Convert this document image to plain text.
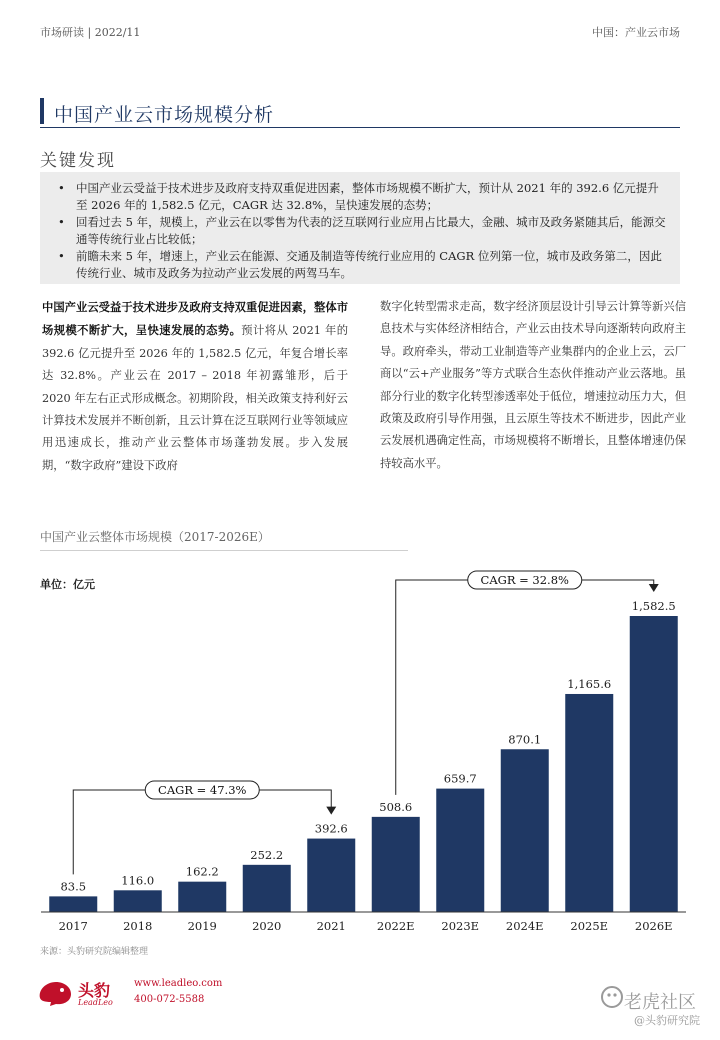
市场研读 | 2022/11	中国：产业云市场
中国产业云市场规模分析
关键发现
• 中国产业云受益于技术进步及政府支持双重促进因素，整体市场规模不断扩大，预计从 2021 年的 392.6 亿元提升至 2026 年的 1,582.5 亿元，CAGR 达 32.8%，呈快速发展的态势；
• 回看过去 5 年，规模上，产业云在以零售为代表的泛互联网行业应用占比最大，金融、城市及政务紧随其后，能源交通等传统行业占比较低；
• 前瞻未来 5 年，增速上，产业云在能源、交通及制造等传统行业应用的 CAGR 位列第一位，城市及政务第二，因此传统行业、城市及政务为拉动产业云发展的两驾马车。
中国产业云受益于技术进步及政府支持双重促进因素，整体市场规模不断扩大，呈快速发展的态势。预计将从 2021 年的 392.6 亿元提升至 2026 年的 1,582.5 亿元，年复合增长率达 32.8%。产业云在 2017 – 2018 年初露雏形，后于 2020 年左右正式形成概念。初期阶段，相关政策支持利好云计算技术发展并不断创新，且云计算在泛互联网行业等领域应用迅速成长，推动产业云整体市场蓬勃发展。步入发展期，“数字政府”建设下政府
数字化转型需求走高，数字经济顶层设计引导云计算等新兴信息技术与实体经济相结合，产业云由技术导向逐渐转向政府主导。政府牵头，带动工业制造等产业集群内的企业上云，云厂商以“云+产业服务”等方式联合生态伙伴推动产业云落地。虽部分行业的数字化转型渗透率处于低位，增速拉动压力大，但政策及政府引导作用强，且云原生等技术不断进步，因此产业云发展机遇确定性高，市场规模将不断增长，且整体增速仍保持较高水平。
中国产业云整体市场规模（2017-2026E）
83.5
2017
116.0
2018
162.2
2019
252.2
2020
392.6
2021
508.6
2022E
659.7
2023E
870.1
2024E
1,165.6
2025E
1,582.5
2026E
CAGR = 47.3%
CAGR = 32.8%
单位：亿元
来源：头豹研究院编辑整理
头豹
LeadLeo
www.leadleo.com
400-072-5588	老虎社区
@头豹研究院
